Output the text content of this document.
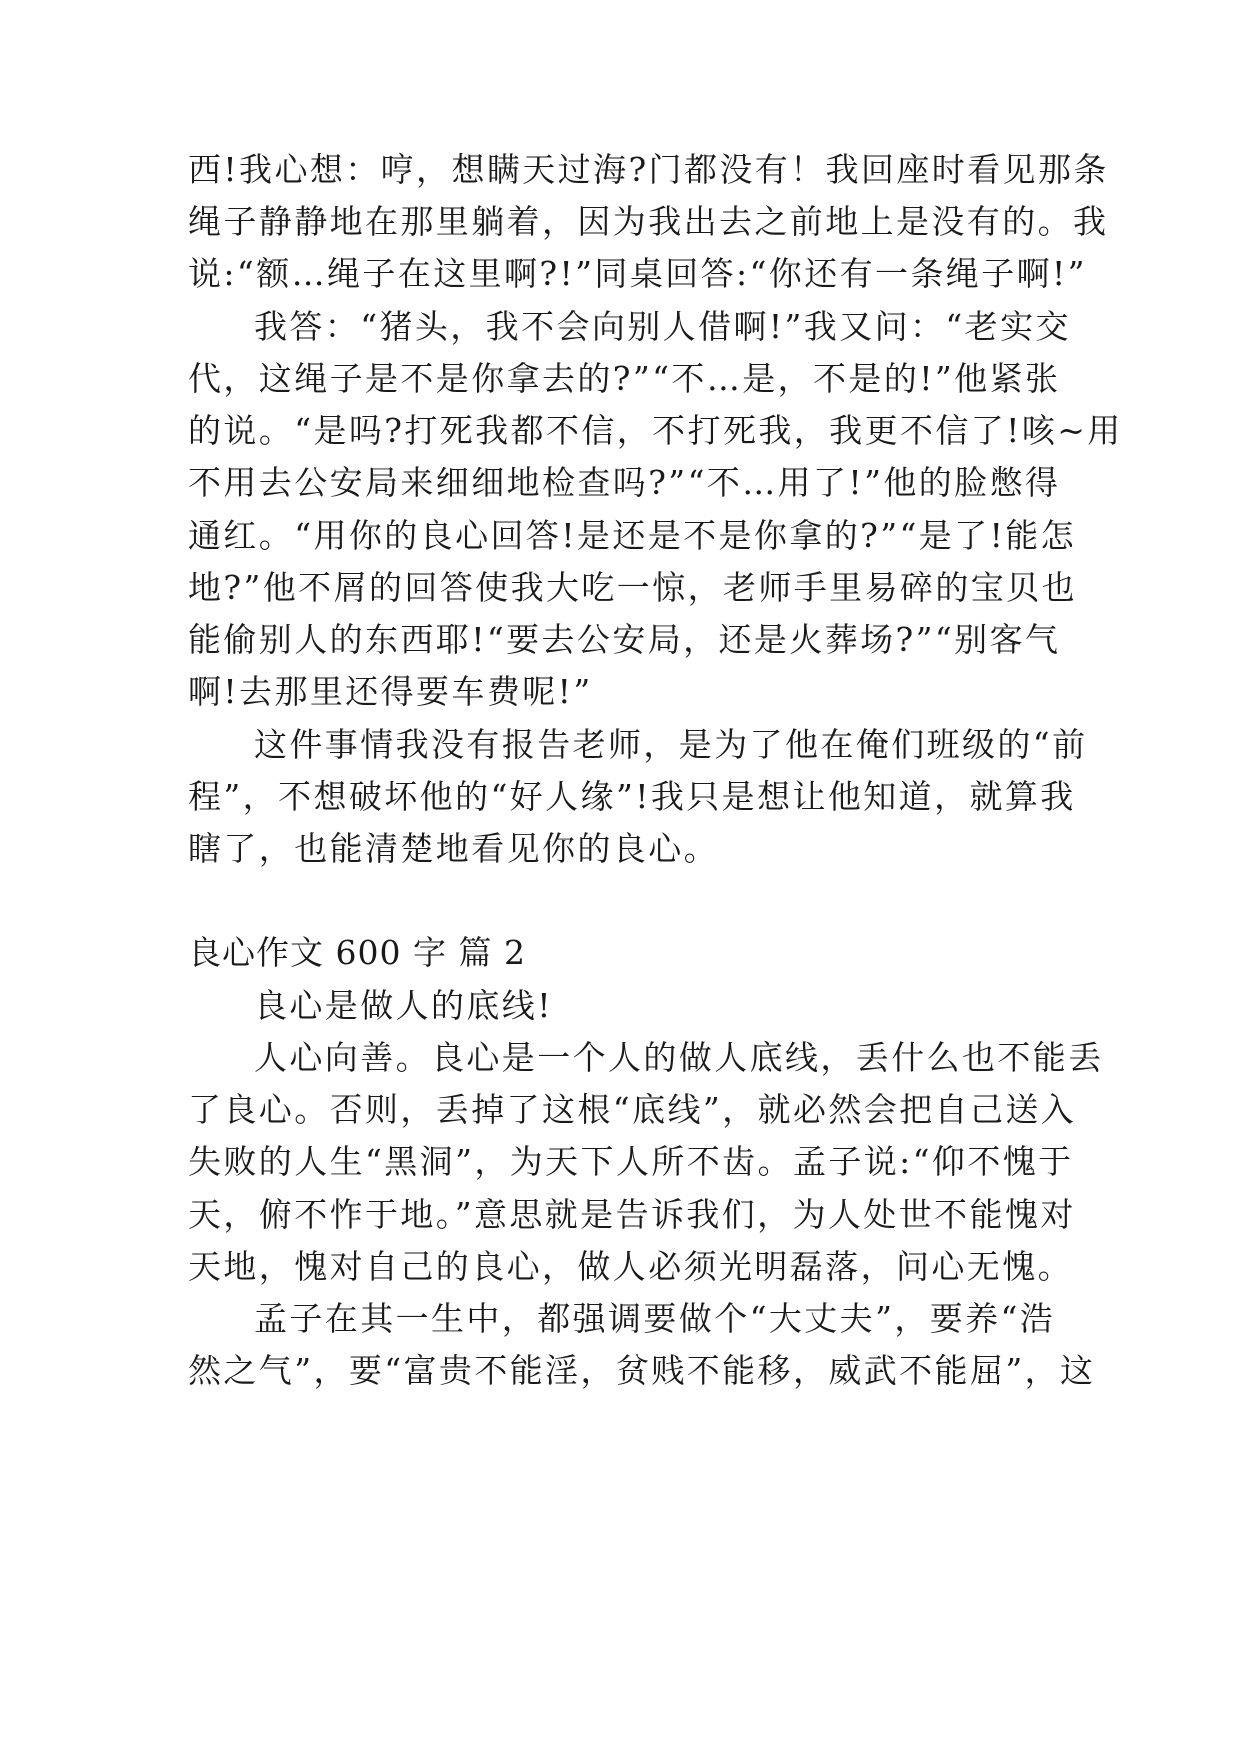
西!我心想：哼，想瞒天过海?门都没有！我回座时看见那条
绳子静静地在那里躺着，因为我出去之前地上是没有的。我
说:“额…绳子在这里啊?!”同桌回答:“你还有一条绳子啊!”
我答：“猪头，我不会向别人借啊!”我又问：“老实交
代，这绳子是不是你拿去的?”“不…是，不是的!”他紧张
的说。“是吗?打死我都不信，不打死我，我更不信了!咳~用
不用去公安局来细细地检查吗?”“不…用了!”他的脸憋得
通红。“用你的良心回答!是还是不是你拿的?”“是了!能怎
地?”他不屑的回答使我大吃一惊，老师手里易碎的宝贝也
能偷别人的东西耶!“要去公安局，还是火葬场?”“别客气
啊!去那里还得要车费呢!”
这件事情我没有报告老师，是为了他在俺们班级的“前
程”，不想破坏他的“好人缘”!我只是想让他知道，就算我
瞎了，也能清楚地看见你的良心。
良心作文 600 字 篇 2
良心是做人的底线!
人心向善。良心是一个人的做人底线，丢什么也不能丢
了良心。否则，丢掉了这根“底线”，就必然会把自己送入
失败的人生“黑洞”，为天下人所不齿。孟子说:“仰不愧于
天，俯不怍于地。”意思就是告诉我们，为人处世不能愧对
天地，愧对自己的良心，做人必须光明磊落，问心无愧。
孟子在其一生中，都强调要做个“大丈夫”，要养“浩
然之气”，要“富贵不能淫，贫贱不能移，威武不能屈”，这
